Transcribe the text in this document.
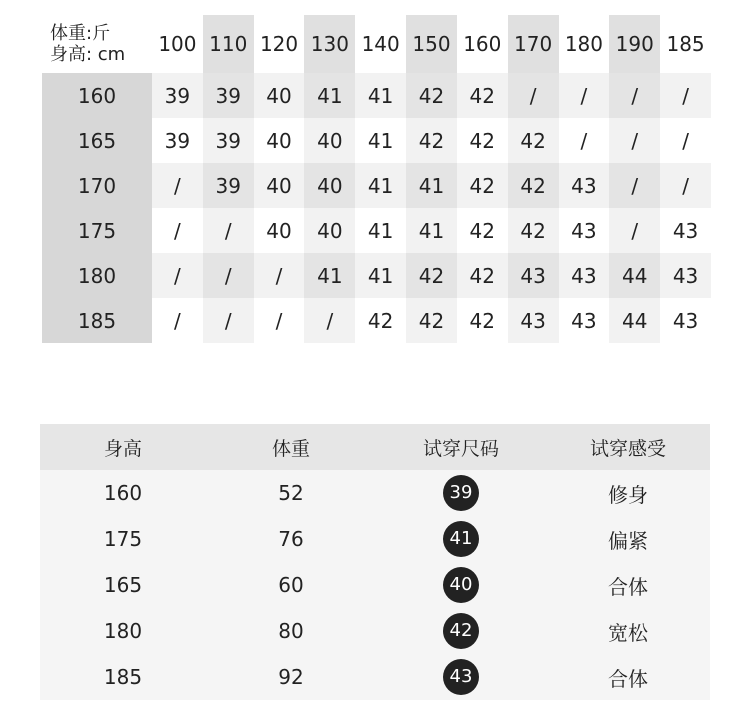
体重:斤
身高: cm	100	110	120	130	140	150	160	170	180	190	185
160	39	39	40	41	41	42	42	/	/	/	/
165	39	39	40	40	41	42	42	42	/	/	/
170	/	39	40	40	41	41	42	42	43	/	/
175	/	/	40	40	41	41	42	42	43	/	43
180	/	/	/	41	41	42	42	43	43	44	43
185	/	/	/	/	42	42	42	43	43	44	43
身高	体重	试穿尺码	试穿感受
160	52	39	修身
175	76	41	偏紧
165	60	40	合体
180	80	42	宽松
185	92	43	合体
